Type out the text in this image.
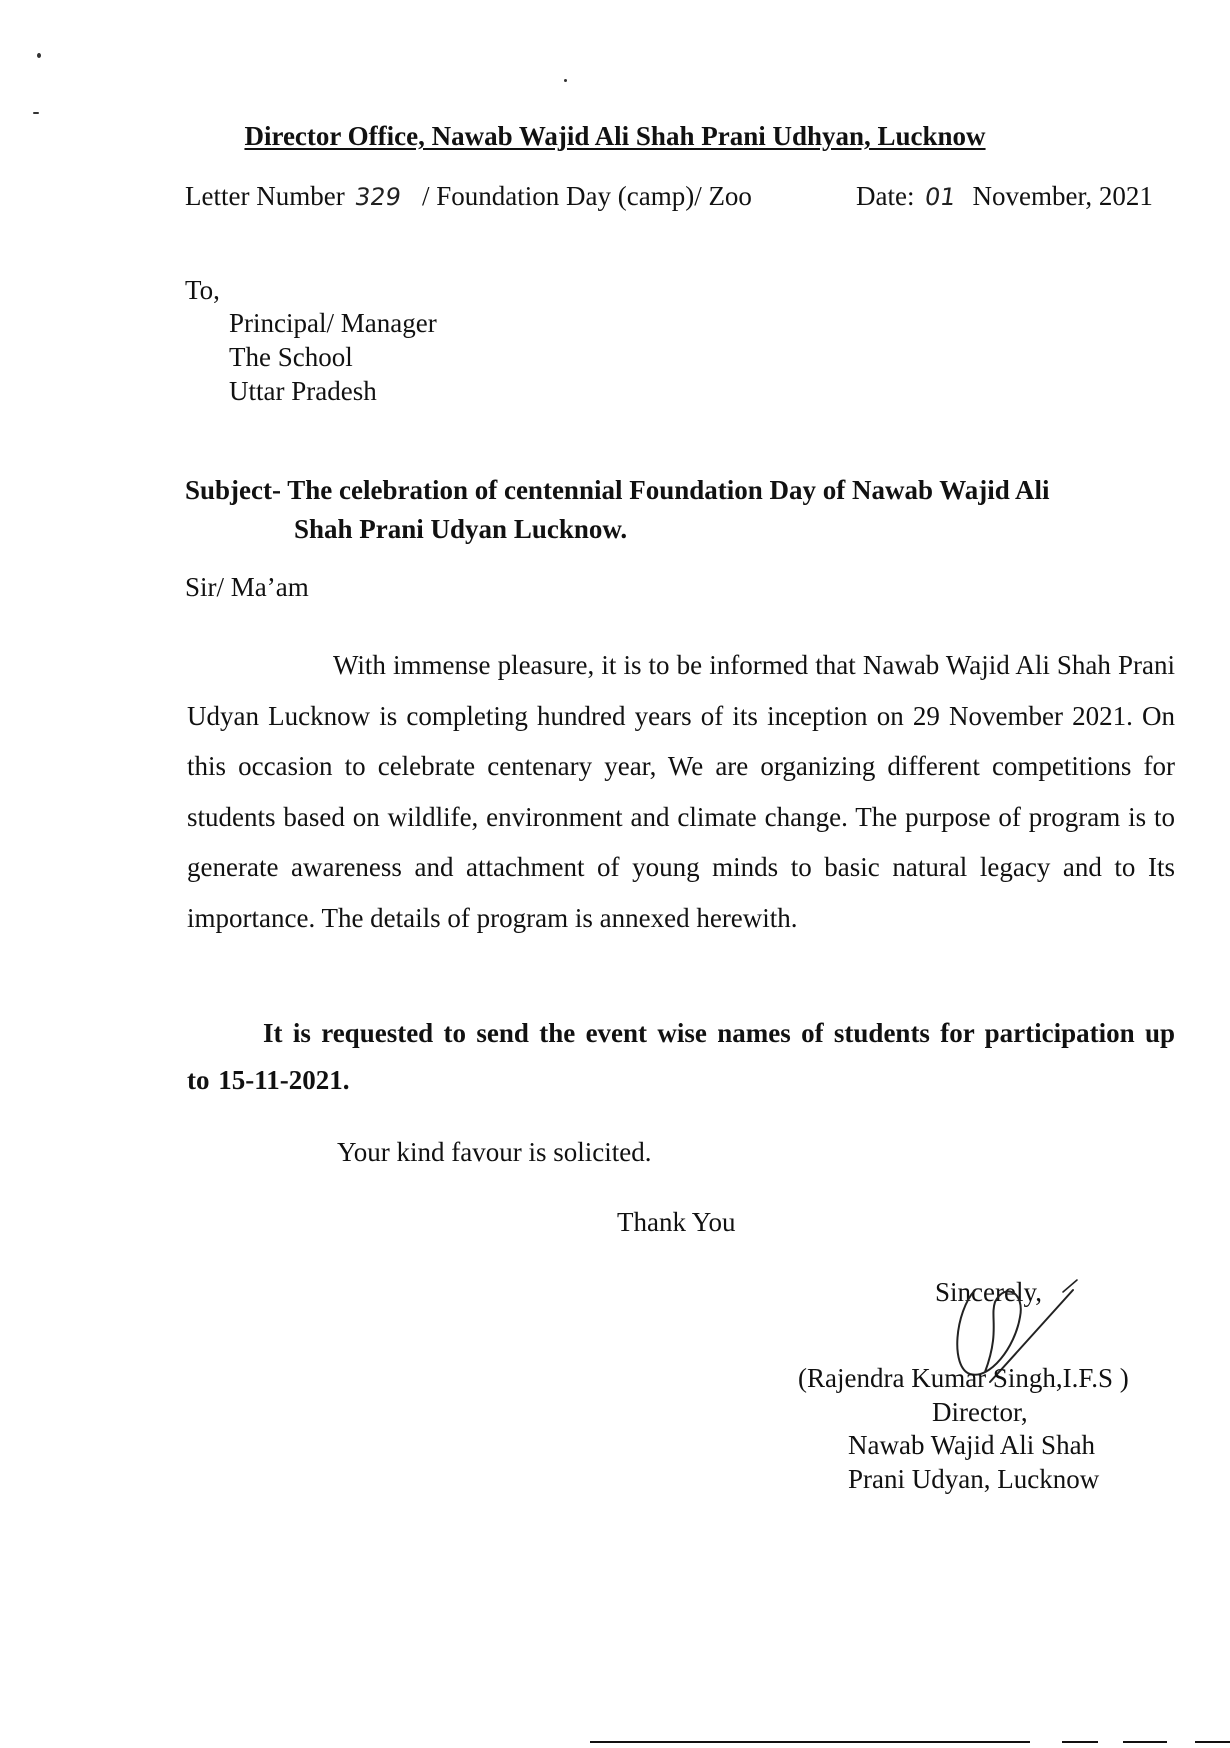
Director Office, Nawab Wajid Ali Shah Prani Udhyan, Lucknow
Letter Number 329 / Foundation Day (camp)/ Zoo	Date: 01 November, 2021
To,
Principal/ Manager
The School
Uttar Pradesh
Subject- The celebration of centennial Foundation Day of Nawab Wajid Ali
Shah Prani Udyan Lucknow.
Sir/ Ma’am
With immense pleasure, it is to be informed that Nawab Wajid Ali Shah Prani Udyan Lucknow is completing hundred years of its inception on 29 November 2021. On this occasion to celebrate centenary year, We are organizing different competitions for students based on wildlife, environment and climate change. The purpose of program is to generate awareness and attachment of young minds to basic natural legacy and to Its importance. The details of program is annexed herewith.
It is requested to send the event wise names of students for participation up to 15-11-2021.
Your kind favour is solicited.
Thank You
Sincerely,
(Rajendra Kumar Singh,I.F.S )
Director,
Nawab Wajid Ali Shah
Prani Udyan, Lucknow
